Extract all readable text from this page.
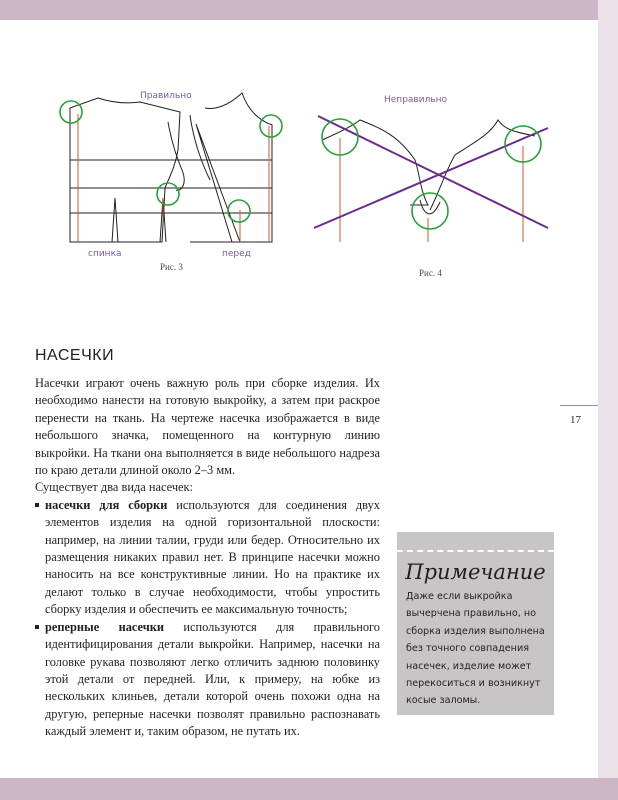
Правильно
спинка	перед
Рис. 3
Неправильно
Рис. 4
НАСЕЧКИ

Насечки играют очень важную роль при сборке изделия. Их необходимо нанести на готовую выкройку, а затем при раскрое перенести на ткань. На чертеже насечка изображается в виде небольшого значка, помещенного на контурную линию выкройки. На ткани она выполняется в виде небольшого надреза по краю детали длиной около 2–3 мм.

Существует два вида насечек:

насечки для сборки используются для соединения двух элементов изделия на одной горизонтальной плоскости: например, на линии талии, груди или бедер. Относительно их размещения никаких правил нет. В принципе насечки можно наносить на все конструктивные линии. Но на практике их делают только в случае необходимости, чтобы упростить сборку изделия и обеспечить ее максимальную точность;
реперные насечки используются для правильного идентифицирования детали выкройки. Например, насечки на головке рукава позволяют легко отличить заднюю половинку этой детали от передней. Или, к примеру, на юбке из нескольких клиньев, детали которой очень похожи одна на другую, реперные насечки позволят правильно распознавать каждый элемент и, таким образом, не путать их.
17
Примечание
Даже если выкройка вычерчена правильно, но сборка изделия выполнена без точного совпадения насечек, изделие может перекоситься и возникнут косые заломы.
